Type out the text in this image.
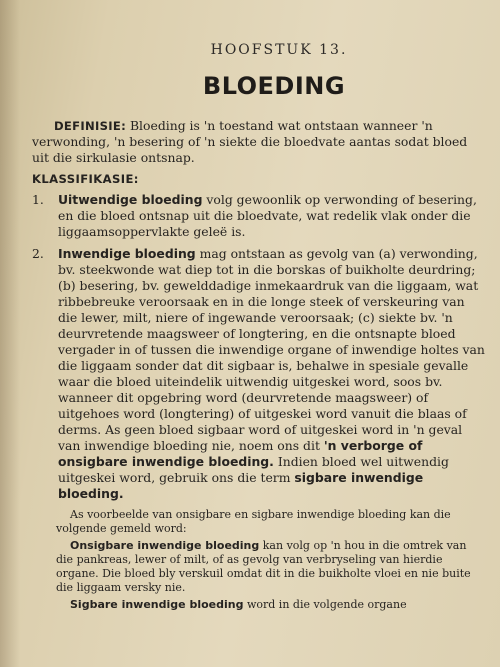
HOOFSTUK 13.
BLOEDING

DEFINISIE: Bloeding is 'n toestand wat ontstaan wanneer 'n verwonding, 'n besering of 'n siekte die bloedvate aantas sodat bloed uit die sirkulasie ontsnap.

KLASSIFIKASIE:
1.	Uitwendige bloeding volg gewoonlik op verwonding of besering, en die bloed ontsnap uit die bloedvate, wat redelik vlak onder die liggaamsoppervlakte geleë is.

2.	Inwendige bloeding mag ontstaan as gevolg van (a) verwonding, bv. steekwonde wat diep tot in die borskas of buikholte deurdring; (b) besering, bv. gewelddadige inmekaardruk van die liggaam, wat ribbebreuke veroorsaak en in die longe steek of verskeuring van die lewer, milt, niere of ingewande veroorsaak; (c) siekte bv. 'n deurvretende maagsweer of longtering, en die ontsnapte bloed vergader in of tussen die inwendige organe of inwendige holtes van die liggaam sonder dat dit sigbaar is, behalwe in spesiale gevalle waar die bloed uiteindelik uitwendig uitgeskei word, soos bv. wanneer dit opgebring word (deurvretende maagsweer) of uitgehoes word (longtering) of uitgeskei word vanuit die blaas of derms. As geen bloed sigbaar word of uitgeskei word in 'n geval van inwendige bloeding nie, noem ons dit 'n verborge of onsigbare inwendige bloeding. Indien bloed wel uitwendig uitgeskei word, gebruik ons die term sigbare inwendige bloeding.

As voorbeelde van onsigbare en sigbare inwendige bloeding kan die volgende gemeld word:

Onsigbare inwendige bloeding kan volg op 'n hou in die omtrek van die pankreas, lewer of milt, of as gevolg van verbryseling van hierdie organe. Die bloed bly verskuil omdat dit in die buikholte vloei en nie buite die liggaam versky nie.

Sigbare inwendige bloeding word in die volgende organe
